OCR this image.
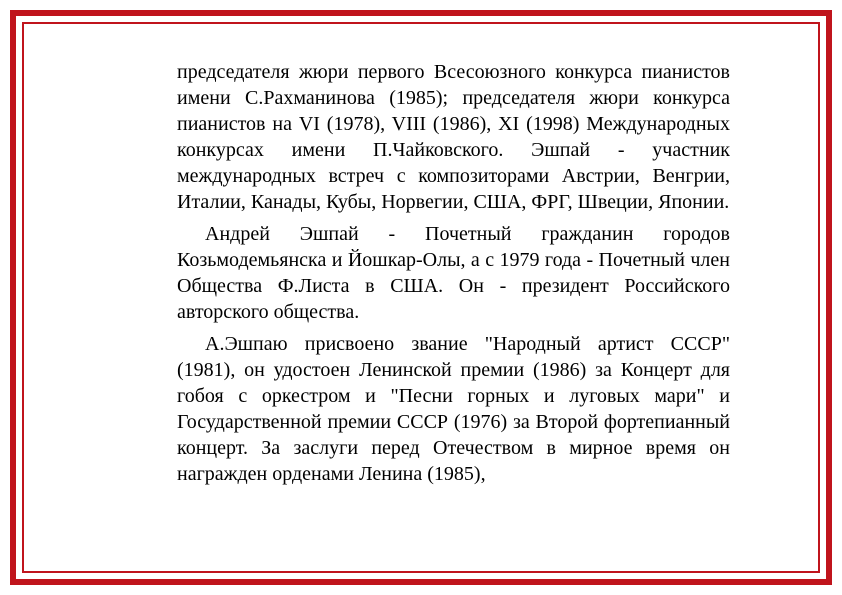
председателя жюри первого Всесоюзного конкурса пианистов имени С.Рахманинова (1985); председателя жюри конкурса пианистов на VI (1978), VIII (1986), XI (1998) Международных конкурсах имени П.Чайковского. Эшпай - участник международных встреч с композиторами Австрии, Венгрии, Италии, Канады, Кубы, Норвегии, США, ФРГ, Швеции, Японии.

Андрей Эшпай - Почетный гражданин городов Козьмодемьянска и Йошкар-Олы, а с 1979 года - Почетный член Общества Ф.Листа в США. Он - президент Российского авторского общества.

А.Эшпаю присвоено звание "Народный артист СССР" (1981), он удостоен Ленинской премии (1986) за Концерт для гобоя с оркестром и "Песни горных и луговых мари" и Государственной премии СССР (1976) за Второй фортепианный концерт. За заслуги перед Отечеством в мирное время он награжден орденами Ленина (1985),
